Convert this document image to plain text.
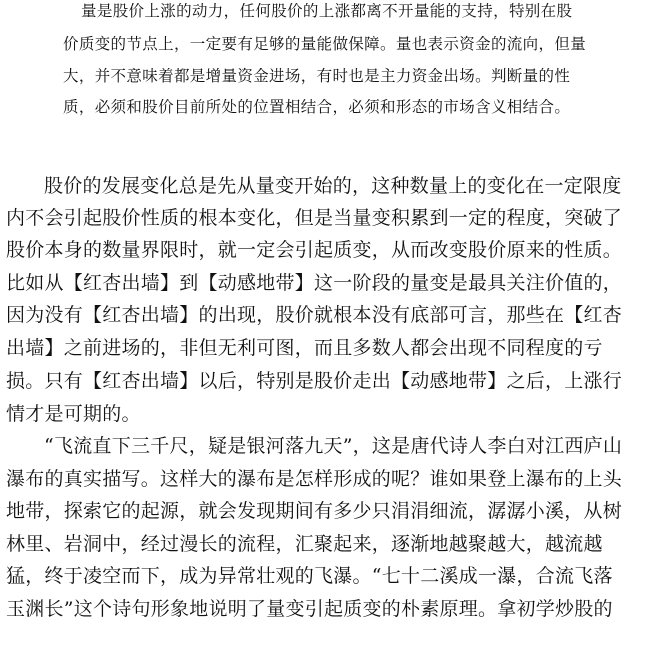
量是股价上涨的动力，任何股价的上涨都离不开量能的支持，特别在股
价质变的节点上，一定要有足够的量能做保障。量也表示资金的流向，但量
大，并不意味着都是增量资金进场，有时也是主力资金出场。判断量的性
质，必须和股价目前所处的位置相结合，必须和形态的市场含义相结合。
股价的发展变化总是先从量变开始的，这种数量上的变化在一定限度
内不会引起股价性质的根本变化，但是当量变积累到一定的程度，突破了
股价本身的数量界限时，就一定会引起质变，从而改变股价原来的性质。
比如从【红杏出墙】到【动感地带】这一阶段的量变是最具关注价值的，
因为没有【红杏出墙】的出现，股价就根本没有底部可言，那些在【红杏
出墙】之前进场的，非但无利可图，而且多数人都会出现不同程度的亏
损。只有【红杏出墙】以后，特别是股价走出【动感地带】之后，上涨行
情才是可期的。
“飞流直下三千尺，疑是银河落九天”，这是唐代诗人李白对江西庐山
瀑布的真实描写。这样大的瀑布是怎样形成的呢？谁如果登上瀑布的上头
地带，探索它的起源，就会发现期间有多少只涓涓细流，潺潺小溪，从树
林里、岩洞中，经过漫长的流程，汇聚起来，逐渐地越聚越大，越流越
猛，终于凌空而下，成为异常壮观的飞瀑。“七十二溪成一瀑，合流飞落
玉渊长”这个诗句形象地说明了量变引起质变的朴素原理。拿初学炒股的
